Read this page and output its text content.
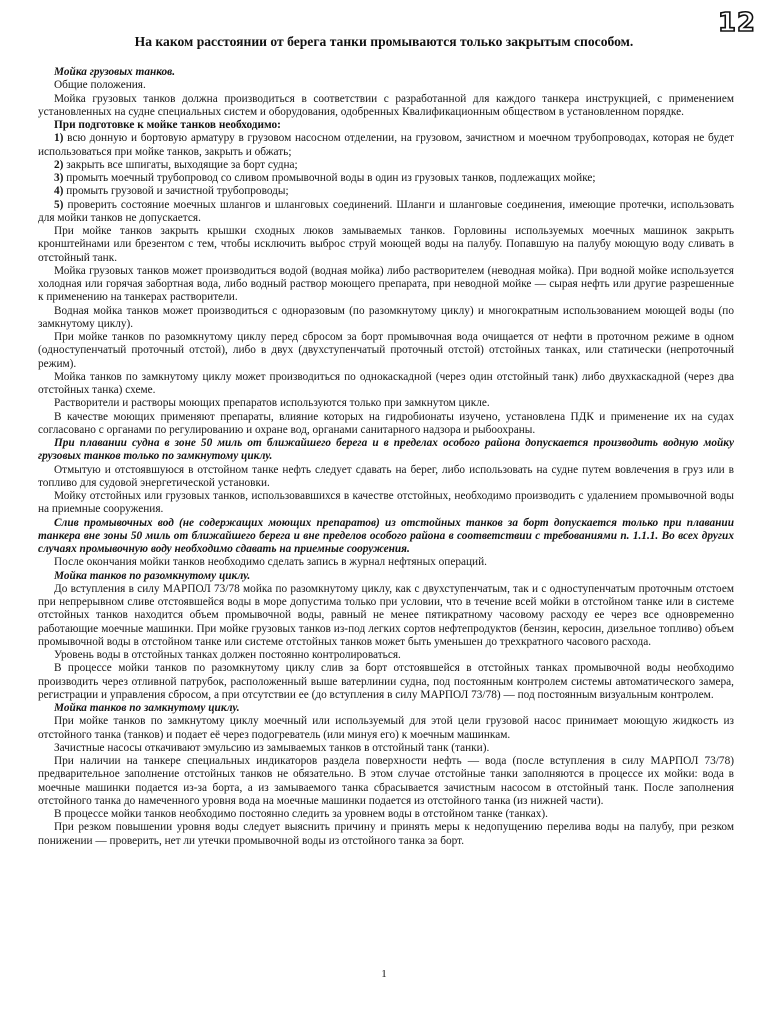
12
На каком расстоянии от берега танки промываются только закрытым способом.

Мойка грузовых танков.

Общие положения.

Мойка грузовых танков должна производиться в соответствии с разработанной для каждого танкера инструкцией, с применением установленных на судне специальных систем и оборудования, одобренных Квалификационным обществом в установленном порядке.

При подготовке к мойке танков необходимо:

1) всю донную и бортовую арматуру в грузовом насосном отделении, на грузовом, зачистном и моечном трубопроводах, которая не будет использоваться при мойке танков, закрыть и обжать;

2) закрыть все шпигаты, выходящие за борт судна;

3) промыть моечный трубопровод со сливом промывочной воды в один из грузовых танков, подлежащих мойке;

4) промыть грузовой и зачистной трубопроводы;

5) проверить состояние моечных шлангов и шланговых соединений. Шланги и шланговые соединения, имеющие протечки, использовать для мойки танков не допускается.

При мойке танков закрыть крышки сходных люков замываемых танков. Горловины используемых моечных машинок закрыть кронштейнами или брезентом с тем, чтобы исключить выброс струй моющей воды на палубу. Попавшую на палубу моющую воду сливать в отстойный танк.

Мойка грузовых танков может производиться водой (водная мойка) либо растворителем (неводная мойка). При водной мойке используется холодная или горячая забортная вода, либо водный раствор моющего препарата, при неводной мойке — сырая нефть или другие разрешенные к применению на танкерах растворители.

Водная мойка танков может производиться с одноразовым (по разомкнутому циклу) и многократным использованием моющей воды (по замкнутому циклу).

При мойке танков по разомкнутому циклу перед сбросом за борт промывочная вода очищается от нефти в проточном режиме в одном (одноступенчатый проточный отстой), либо в двух (двухступенчатый проточный отстой) отстойных танках, или статически (непроточный режим).

Мойка танков по замкнутому циклу может производиться по однокаскадной (через один отстойный танк) либо двухкаскадной (через два отстойных танка) схеме.

Растворители и растворы моющих препаратов используются только при замкнутом цикле.

В качестве моющих применяют препараты, влияние которых на гидробионаты изучено, установлена ПДК и применение их на судах согласовано с органами по регулированию и охране вод, органами санитарного надзора и рыбоохраны.

При плавании судна в зоне 50 миль от ближайшего берега и в пределах особого района допускается производить водную мойку грузовых танков только по замкнутому циклу.

Отмытую и отстоявшуюся в отстойном танке нефть следует сдавать на берег, либо использовать на судне путем вовлечения в груз или в топливо для судовой энергетической установки.

Мойку отстойных или грузовых танков, использовавшихся в качестве отстойных, необходимо производить с удалением промывочной воды на приемные сооружения.

Слив промывочных вод (не содержащих моющих препаратов) из отстойных танков за борт допускается только при плавании танкера вне зоны 50 миль от ближайшего берега и вне пределов особого района в соответствии с требованиями п. 1.1.1. Во всех других случаях промывочную воду необходимо сдавать на приемные сооружения.

После окончания мойки танков необходимо сделать запись в журнал нефтяных операций.

Мойка танков по разомкнутому циклу.

До вступления в силу МАРПОЛ 73/78 мойка по разомкнутому циклу, как с двухступенчатым, так и с одноступенчатым проточным отстоем при непрерывном сливе отстоявшейся воды в море допустима только при условии, что в течение всей мойки в отстойном танке или в системе отстойных танков находится объем промывочной воды, равный не менее пятикратному часовому расходу ее через все одновременно работающие моечные машинки. При мойке грузовых танков из-под легких сортов нефтепродуктов (бензин, керосин, дизельное топливо) объем промывочной воды в отстойном танке или системе отстойных танков может быть уменьшен до трехкратного часового расхода.

Уровень воды в отстойных танках должен постоянно контролироваться.

В процессе мойки танков по разомкнутому циклу слив за борт отстоявшейся в отстойных танках промывочной воды необходимо производить через отливной патрубок, расположенный выше ватерлинии судна, под постоянным контролем системы автоматического замера, регистрации и управления сбросом, а при отсутствии ее (до вступления в силу МАРПОЛ 73/78) — под постоянным визуальным контролем.

Мойка танков по замкнутому циклу.

При мойке танков по замкнутому циклу моечный или используемый для этой цели грузовой насос принимает моющую жидкость из отстойного танка (танков) и подает её через подогреватель (или минуя его) к моечным машинкам.

Зачистные насосы откачивают эмульсию из замываемых танков в отстойный танк (танки).

При наличии на танкере специальных индикаторов раздела поверхности нефть — вода (после вступления в силу МАРПОЛ 73/78) предварительное заполнение отстойных танков не обязательно. В этом случае отстойные танки заполняются в процессе их мойки: вода в моечные машинки подается из-за борта, а из замываемого танка сбрасывается зачистным насосом в отстойный танк. После заполнения отстойного танка до намеченного уровня вода на моечные машинки подается из отстойного танка (из нижней части).

В процессе мойки танков необходимо постоянно следить за уровнем воды в отстойном танке (танках).

При резком повышении уровня воды следует выяснить причину и принять меры к недопущению перелива воды на палубу, при резком понижении — проверить, нет ли утечки промывочной воды из отстойного танка за борт.

1
